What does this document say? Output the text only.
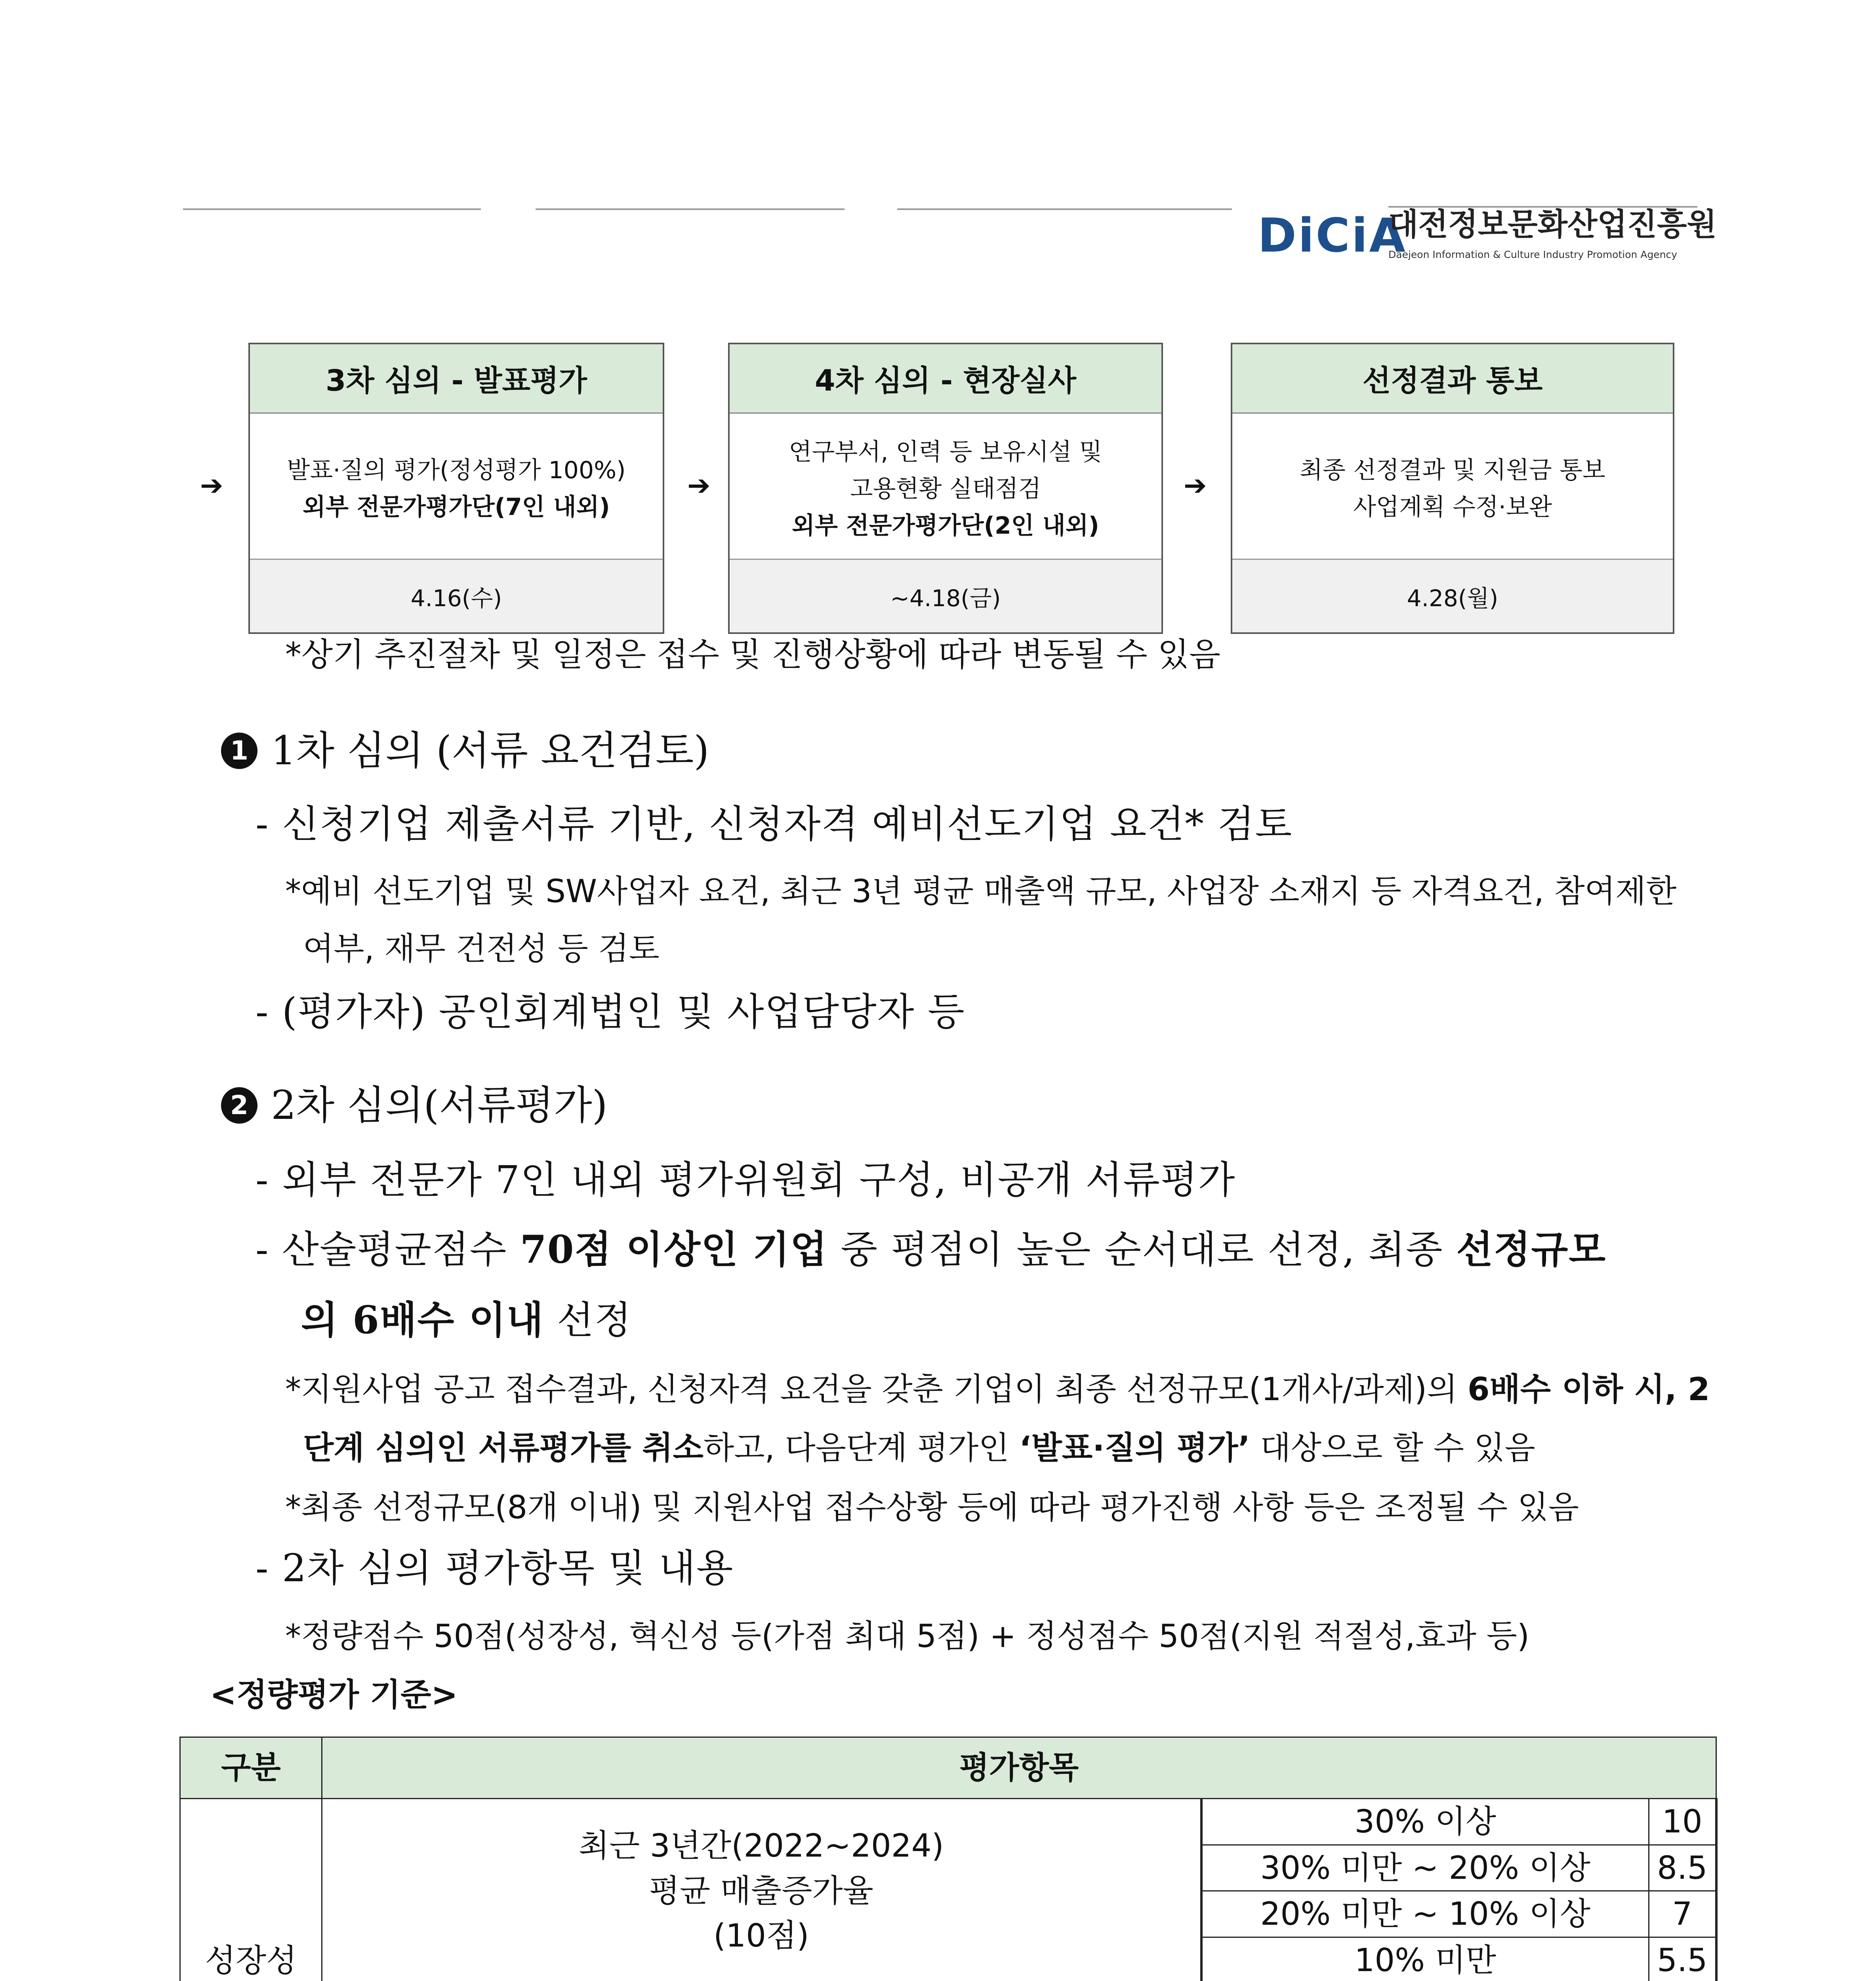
DiCiA
대전정보문화산업진흥원
Daejeon Information & Culture Industry Promotion Agency
➔
3차 심의 - 발표평가
발표·질의 평가(정성평가 100%)
외부 전문가평가단(7인 내외)
4.16(수)
➔
4차 심의 - 현장실사
연구부서, 인력 등 보유시설 및
고용현황 실태점검
외부 전문가평가단(2인 내외)
~4.18(금)
➔
선정결과 통보
최종 선정결과 및 지원금 통보
사업계획 수정·보완
4.28(월)
*상기 추진절차 및 일정은 접수 및 진행상황에 따라 변동될 수 있음
1 1차 심의 (서류 요건검토)
- 신청기업 제출서류 기반, 신청자격 예비선도기업 요건* 검토
*예비 선도기업 및 SW사업자 요건, 최근 3년 평균 매출액 규모, 사업장 소재지 등 자격요건, 참여제한
여부, 재무 건전성 등 검토
- (평가자) 공인회계법인 및 사업담당자 등
2 2차 심의(서류평가)
- 외부 전문가 7인 내외 평가위원회 구성, 비공개 서류평가
- 산술평균점수 70점 이상인 기업 중 평점이 높은 순서대로 선정, 최종 선정규모
의 6배수 이내 선정
*지원사업 공고 접수결과, 신청자격 요건을 갖춘 기업이 최종 선정규모(1개사/과제)의 6배수 이하 시, 2
단계 심의인 서류평가를 취소하고, 다음단계 평가인 ‘발표·질의 평가’ 대상으로 할 수 있음
*최종 선정규모(8개 이내) 및 지원사업 접수상황 등에 따라 평가진행 사항 등은 조정될 수 있음
- 2차 심의 평가항목 및 내용
*정량점수 50점(성장성, 혁신성 등(가점 최대 5점) + 정성점수 50점(지원 적절성,효과 등)
<정량평가 기준>
구분	평가항목	

성장성

최근 3년간(2022~2024)
평균 매출증가율
(10점)
	30% 이상	10	

30% 미만 ~ 20% 이상	8.5
20% 미만 ~ 10% 이상	7
10% 미만	5.5
